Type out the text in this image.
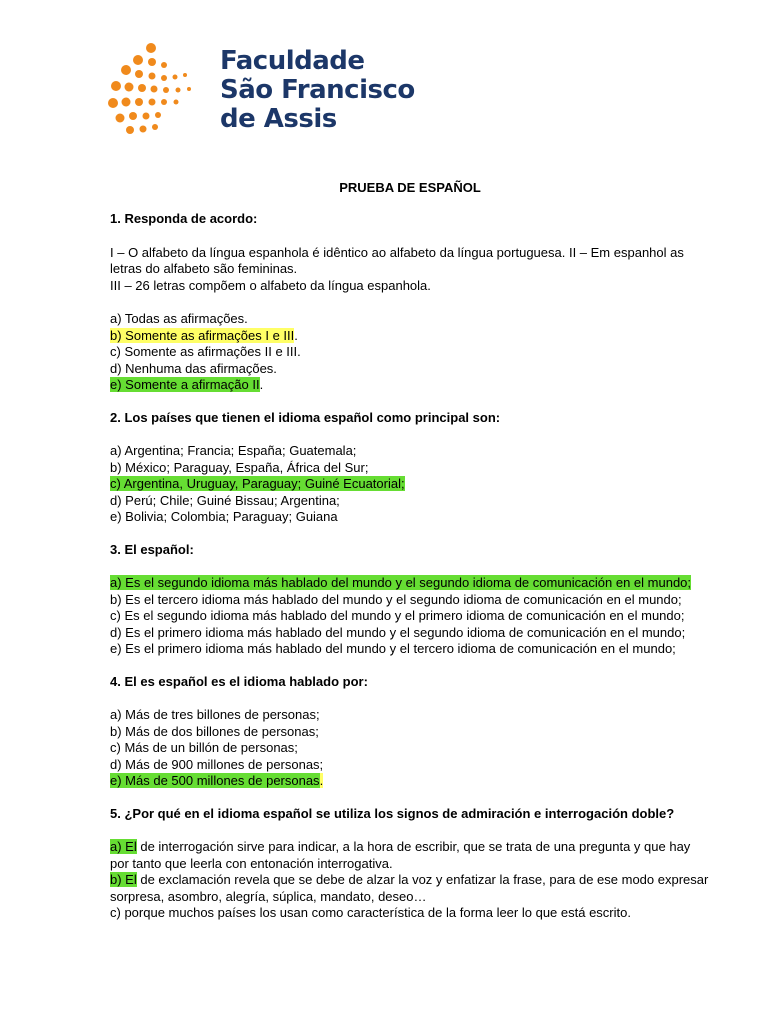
Faculdade
São Francisco
de Assis
PRUEBA DE ESPAÑOL
1. Responda de acordo:
I – O alfabeto da língua espanhola é idêntico ao alfabeto da língua portuguesa. II – Em espanhol as letras do alfabeto são femininas.
III – 26 letras compõem o alfabeto da língua espanhola.
a) Todas as afirmações.
b) Somente as afirmações I e III.
c) Somente as afirmações II e III.
d) Nenhuma das afirmações.
e) Somente a afirmação II.
2. Los países que tienen el idioma español como principal son:
a) Argentina; Francia; España; Guatemala;
b) México; Paraguay, España, África del Sur;
c) Argentina, Uruguay, Paraguay; Guiné Ecuatorial;
d) Perú; Chile; Guiné Bissau; Argentina;
e) Bolivia; Colombia; Paraguay; Guiana
3. El español:
a) Es el segundo idioma más hablado del mundo y el segundo idioma de comunicación en el mundo;
b) Es el tercero idioma más hablado del mundo y el segundo idioma de comunicación en el mundo;
c) Es el segundo idioma más hablado del mundo y el primero idioma de comunicación en el mundo;
d) Es el primero idioma más hablado del mundo y el segundo idioma de comunicación en el mundo;
e) Es el primero idioma más hablado del mundo y el tercero idioma de comunicación en el mundo;
4. El es español es el idioma hablado por:
a) Más de tres billones de personas;
b) Más de dos billones de personas;
c) Más de un billón de personas;
d) Más de 900 millones de personas;
e) Más de 500 millones de personas.
5. ¿Por qué en el idioma español se utiliza los signos de admiración e interrogación doble?
a) El de interrogación sirve para indicar, a la hora de escribir, que se trata de una pregunta y que hay por tanto que leerla con entonación interrogativa.
b) El de exclamación revela que se debe de alzar la voz y enfatizar la frase, para de ese modo expresar sorpresa, asombro, alegría, súplica, mandato, deseo…
c) porque muchos países los usan como característica de la forma leer lo que está escrito.
